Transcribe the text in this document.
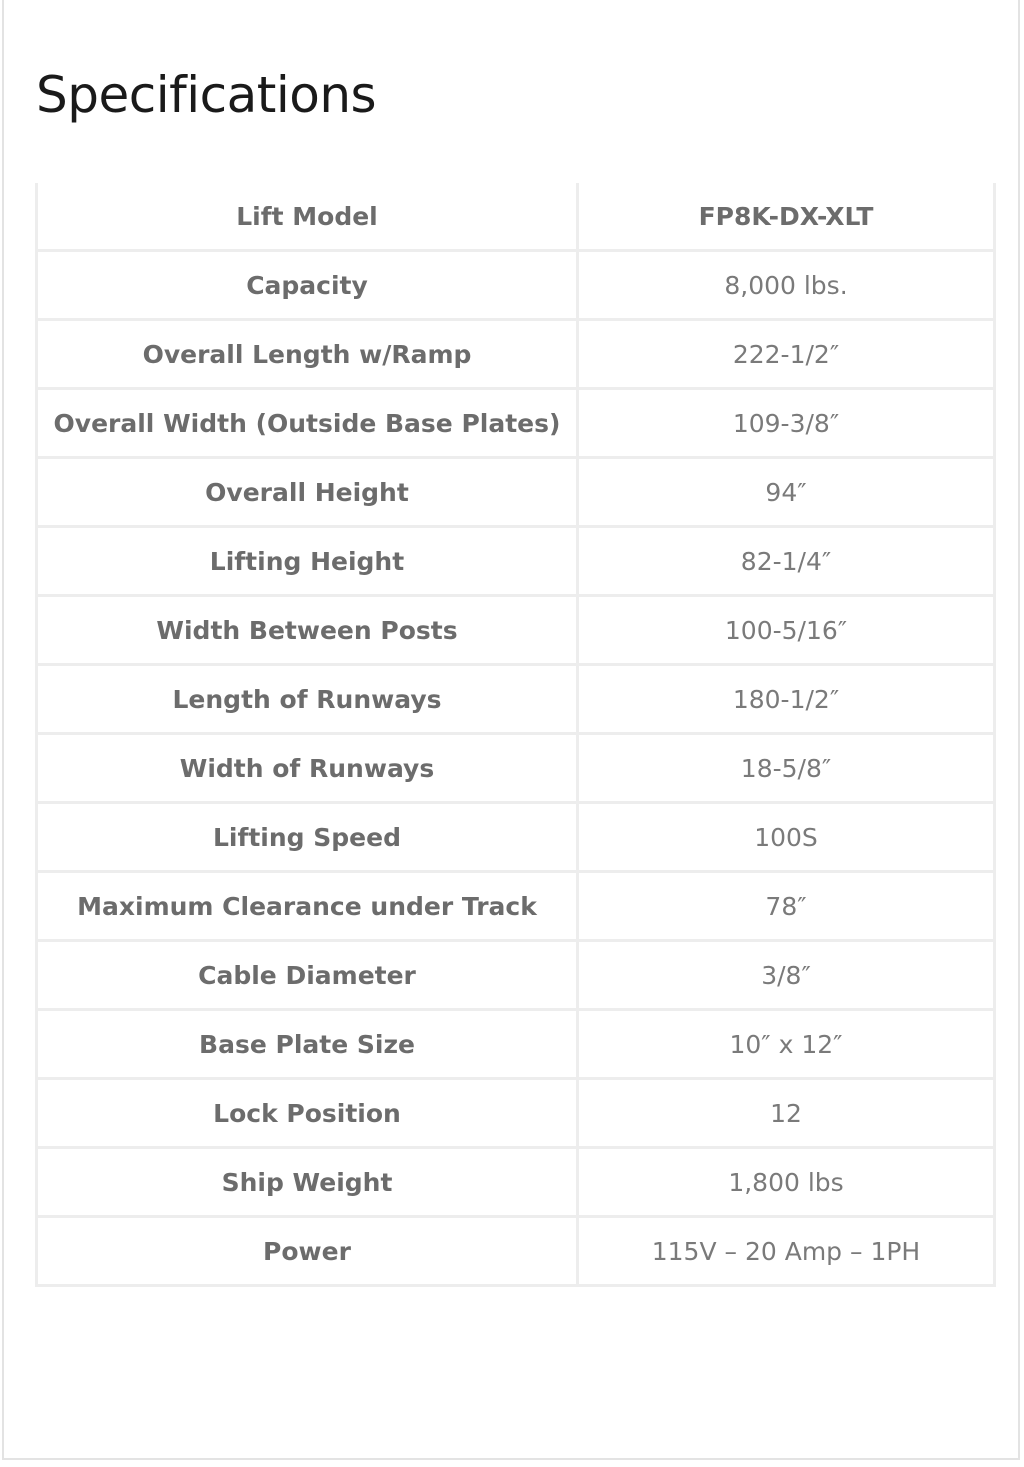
Specifications
Lift Model	FP8K-DX-XLT
Capacity	8,000 lbs.
Overall Length w/Ramp	222-1/2″
Overall Width (Outside Base Plates)	109-3/8″
Overall Height	94″
Lifting Height	82-1/4″
Width Between Posts	100-5/16″
Length of Runways	180-1/2″
Width of Runways	18-5/8″
Lifting Speed	100S
Maximum Clearance under Track	78″
Cable Diameter	3/8″
Base Plate Size	10″ x 12″
Lock Position	12
Ship Weight	1,800 lbs
Power	115V – 20 Amp – 1PH
